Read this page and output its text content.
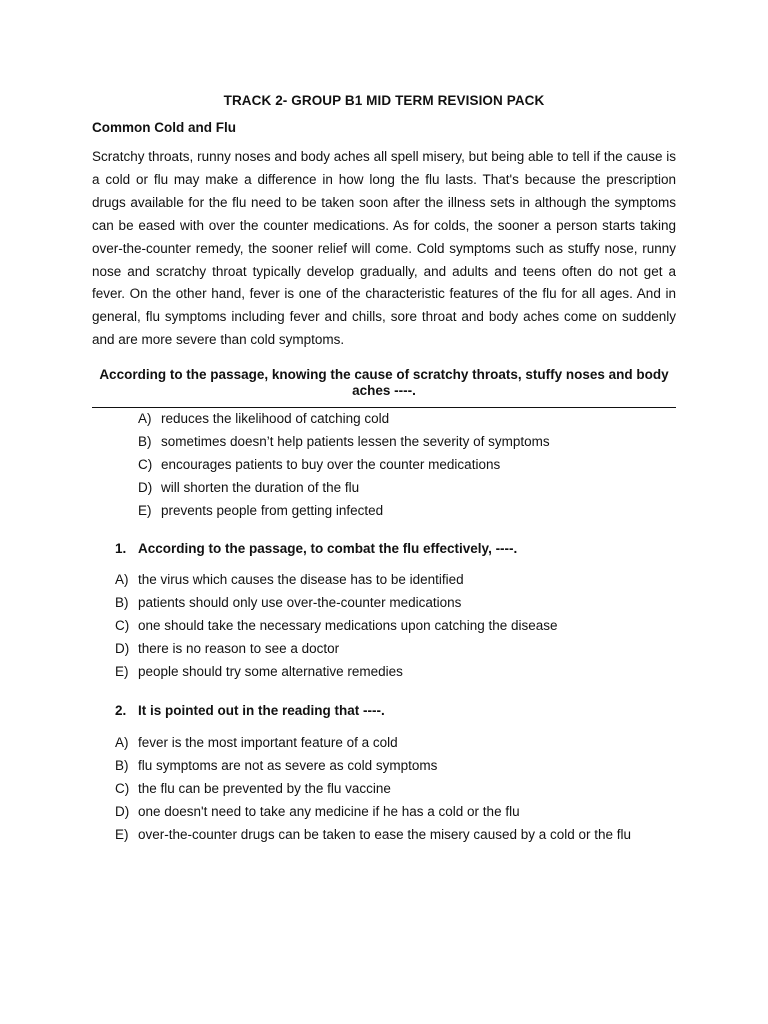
TRACK 2- GROUP B1 MID TERM REVISION PACK
Common Cold and Flu

Scratchy throats, runny noses and body aches all spell misery, but being able to tell if the cause is a cold or flu may make a difference in how long the flu lasts. That's because the prescription drugs available for the flu need to be taken soon after the illness sets in although the symptoms can be eased with over the counter medications. As for colds, the sooner a person starts taking over-the-counter remedy, the sooner relief will come. Cold symptoms such as stuffy nose, runny nose and scratchy throat typically develop gradually, and adults and teens often do not get a fever. On the other hand, fever is one of the characteristic features of the flu for all ages. And in general, flu symptoms including fever and chills, sore throat and body aches come on suddenly and are more severe than cold symptoms.

According to the passage, knowing the cause of scratchy throats, stuffy noses and body aches ----.
A) reduces the likelihood of catching cold
B) sometimes doesn’t help patients lessen the severity of symptoms
C) encourages patients to buy over the counter medications
D) will shorten the duration of the flu
E) prevents people from getting infected
1. According to the passage, to combat the flu effectively, ----.
A) the virus which causes the disease has to be identified
B) patients should only use over-the-counter medications
C) one should take the necessary medications upon catching the disease
D) there is no reason to see a doctor
E) people should try some alternative remedies
2. It is pointed out in the reading that ----.
A) fever is the most important feature of a cold
B) flu symptoms are not as severe as cold symptoms
C) the flu can be prevented by the flu vaccine
D) one doesn't need to take any medicine if he has a cold or the flu
E) over-the-counter drugs can be taken to ease the misery caused by a cold or the flu
